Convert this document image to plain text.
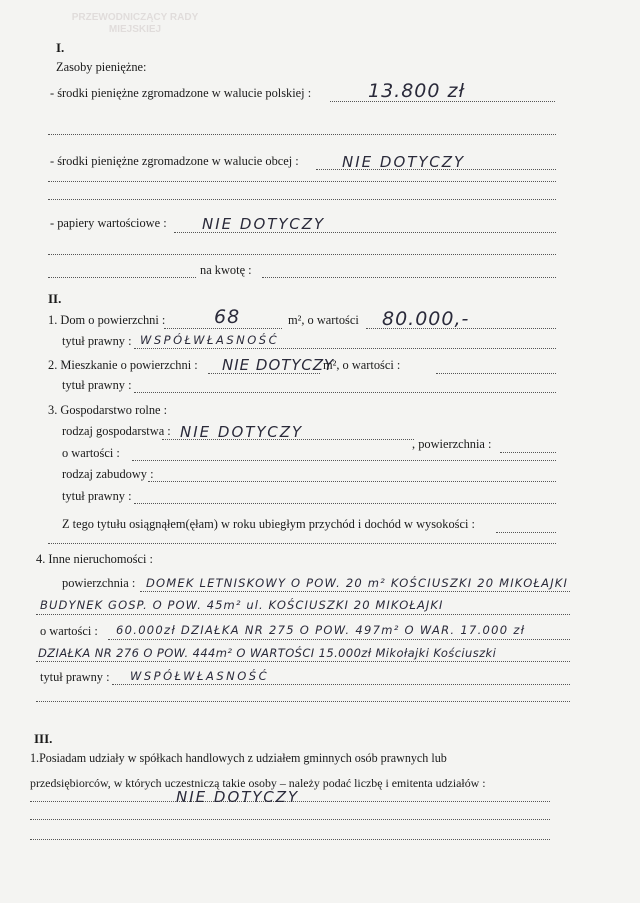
PRZEWODNICZĄCY RADY
MIEJSKIEJ
I.
Zasoby pieniężne:
- środki pieniężne zgromadzone w walucie polskiej :	13.800 zł
- środki pieniężne zgromadzone w walucie obcej :	NIE DOTYCZY
- papiery wartościowe : NIE DOTYCZY
na kwotę :
II.
1. Dom o powierzchni :	68	m², o wartości 80.000,-
tytuł prawny : WSPÓŁWŁASNOŚĆ
2. Mieszkanie o powierzchni : NIE DOTYCZY
m², o wartości :
tytuł prawny :
3. Gospodarstwo rolne :
rodzaj gospodarstwa : NIE DOTYCZY
, powierzchnia :
o wartości :
rodzaj zabudowy :
tytuł prawny :
Z tego tytułu osiągnąłem(ęłam) w roku ubiegłym przychód i dochód w wysokości :
4. Inne nieruchomości :
powierzchnia : DOMEK LETNISKOWY O POW. 20 m² KOŚCIUSZKI 20 MIKOŁAJKI
BUDYNEK GOSP. O POW. 45m² ul. KOŚCIUSZKI 20 MIKOŁAJKI
o wartości : 60.000zł DZIAŁKA NR 275 O POW. 497m² O WAR. 17.000 zł
DZIAŁKA NR 276 O POW. 444m² O WARTOŚCI 15.000zł Mikołajki Kościuszki
tytuł prawny : WSPÓŁWŁASNOŚĆ
III.
1.Posiadam udziały w spółkach handlowych z udziałem gminnych osób prawnych lub
przedsiębiorców, w których uczestniczą takie osoby – należy podać liczbę i emitenta udziałów :
NIE DOTYCZY
